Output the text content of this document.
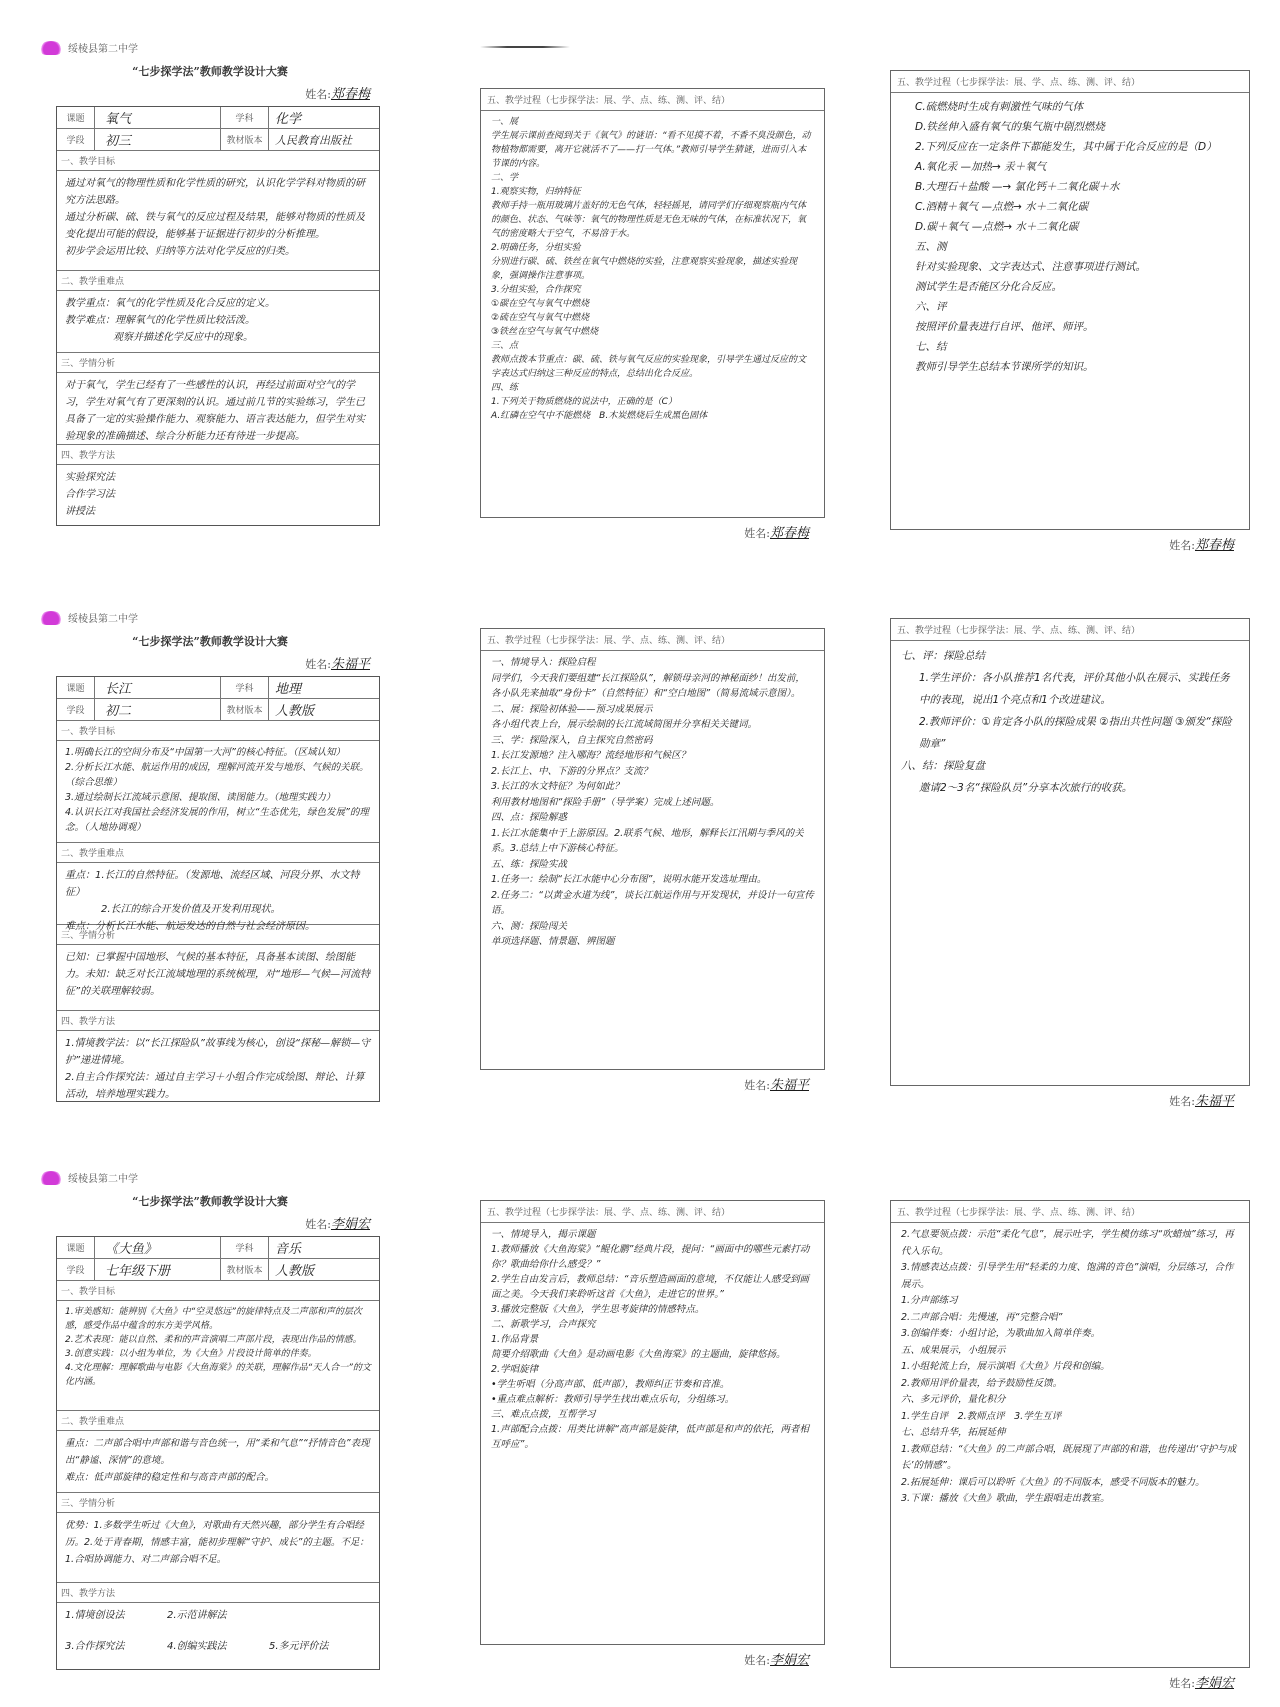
绥棱县第二中学
“七步探学法”教师教学设计大赛
姓名:郑春梅
课题	氧气	学科	化学
学段	初三	教材版本	人民教育出版社
一、教学目标

通过对氧气的物理性质和化学性质的研究，认识化学学科对物质的研究方法思路。

通过分析碳、硫、铁与氧气的反应过程及结果，能够对物质的性质及变化提出可能的假设，能够基于证据进行初步的分析推理。

初步学会运用比较、归纳等方法对化学反应的归类。

二、教学重难点

教学重点：氧气的化学性质及化合反应的定义。

教学难点：理解氧气的化学性质比较活泼。

观察并描述化学反应中的现象。

三、学情分析

对于氧气，学生已经有了一些感性的认识，再经过前面对空气的学习，学生对氧气有了更深刻的认识。通过前几节的实验练习，学生已具备了一定的实验操作能力、观察能力、语言表达能力，但学生对实验现象的准确描述、综合分析能力还有待进一步提高。

四、教学方法

实验探究法

合作学习法

讲授法

五、教学过程（七步探学法：展、学、点、练、测、评、结）

一、展

学生展示课前查阅到关于《氧气》的谜语：“看不见摸不着，不香不臭没颜色，动物植物都需要，离开它就活不了——打一气体。”教师引导学生猜谜，进而引入本节课的内容。

二、学

1.观察实物，归纳特征

教师手持一瓶用玻璃片盖好的无色气体，轻轻摇晃，请同学们仔细观察瓶内气体的颜色、状态、气味等：氧气的物理性质是无色无味的气体，在标准状况下，氧气的密度略大于空气，不易溶于水。

2.明确任务，分组实验

分别进行碳、硫、铁丝在氧气中燃烧的实验，注意观察实验现象，描述实验现象，强调操作注意事项。

3.分组实验，合作探究

①碳在空气与氧气中燃烧

②硫在空气与氧气中燃烧

③铁丝在空气与氧气中燃烧

三、点

教师点拨本节重点：碳、硫、铁与氧气反应的实验现象，引导学生通过反应的文字表达式归纳这三种反应的特点，总结出化合反应。

四、练

1.下列关于物质燃烧的说法中，正确的是（C）

A.红磷在空气中不能燃烧　B.木炭燃烧后生成黑色固体

姓名:郑春梅
五、教学过程（七步探学法：展、学、点、练、测、评、结）

C.硫燃烧时生成有刺激性气味的气体

D.铁丝伸入盛有氧气的集气瓶中剧烈燃烧

2.下列反应在一定条件下都能发生，其中属于化合反应的是（D）

A.氧化汞 —加热→ 汞＋氧气

B.大理石＋盐酸 —→ 氯化钙＋二氧化碳＋水

C.酒精＋氧气 —点燃→ 水＋二氧化碳

D.碳＋氧气 —点燃→ 水＋二氧化碳

五、测

针对实验现象、文字表达式、注意事项进行测试。

测试学生是否能区分化合反应。

六、评

按照评价量表进行自评、他评、师评。

七、结

教师引导学生总结本节课所学的知识。

姓名:郑春梅
绥棱县第二中学
“七步探学法”教师教学设计大赛
姓名:朱福平
课题	长江	学科	地理
学段	初二	教材版本 人教版
一、教学目标

1.明确长江的空间分布及“中国第一大河”的核心特征。（区域认知）

2.分析长江水能、航运作用的成因，理解河流开发与地形、气候的关联。（综合思维）

3.通过绘制长江流域示意图、提取图、读图能力。（地理实践力）

4.认识长江对我国社会经济发展的作用，树立“生态优先，绿色发展”的理念。（人地协调观）

二、教学重难点

重点：1.长江的自然特征。（发源地、流经区域、河段分界、水文特征）

2.长江的综合开发价值及开发利用现状。

难点：分析长江水能、航运发达的自然与社会经济原因。

三、学情分析

已知：已掌握中国地形、气候的基本特征，具备基本读图、绘图能力。未知：缺乏对长江流域地理的系统梳理，对“地形—气候—河流特征”的关联理解较弱。

四、教学方法

1.情境教学法：以“长江探险队”故事线为核心，创设“探秘—解锁—守护”递进情境。

2.自主合作探究法：通过自主学习＋小组合作完成绘图、辩论、计算活动，培养地理实践力。

五、教学过程（七步探学法：展、学、点、练、测、评、结）

一、情境导入：探险启程

同学们，今天我们要组建“长江探险队”，解锁母亲河的神秘面纱！出发前，各小队先来抽取“身份卡”（自然特征）和“空白地图”（简易流域示意图）。

二、展：探险初体验——预习成果展示

各小组代表上台，展示绘制的长江流域简图并分享相关关键词。

三、学：探险深入，自主探究自然密码

1.长江发源地？注入哪海？流经地形和气候区？

2.长江上、中、下游的分界点？支流？

3.长江的水文特征？为何如此？

利用教材地图和“探险手册”（导学案）完成上述问题。

四、点：探险解惑

1.长江水能集中于上游原因。2.联系气候、地形，解释长江汛期与季风的关系。3.总结上中下游核心特征。

五、练：探险实战

1.任务一：绘制“长江水能中心分布图”，说明水能开发选址理由。

2.任务二：“以黄金水道为线”，谈长江航运作用与开发现状，并设计一句宣传语。

六、测：探险闯关

单项选择题、情景题、辨图题

姓名:朱福平
五、教学过程（七步探学法：展、学、点、练、测、评、结）

七、评：探险总结

1.学生评价：各小队推荐1名代表，评价其他小队在展示、实践任务中的表现，说出1个亮点和1个改进建议。

2.教师评价：①肯定各小队的探险成果 ②指出共性问题 ③颁发“探险勋章”

八、结：探险复盘

邀请2～3名“探险队员”分享本次旅行的收获。

姓名:朱福平
绥棱县第二中学
“七步探学法”教师教学设计大赛
姓名:李娟宏
课题	《大鱼》	学科	音乐
学段	七年级下册	教材版本 人教版
一、教学目标

1.审美感知：能辨别《大鱼》中“空灵悠远”的旋律特点及二声部和声的层次感，感受作品中蕴含的东方美学风格。

2.艺术表现：能以自然、柔和的声音演唱二声部片段，表现出作品的情感。

3.创意实践：以小组为单位，为《大鱼》片段设计简单的伴奏。

4.文化理解：理解歌曲与电影《大鱼海棠》的关联，理解作品“天人合一”的文化内涵。

二、教学重难点

重点：二声部合唱中声部和谐与音色统一，用“柔和气息”“抒情音色”表现出“静谧、深情”的意境。

难点：低声部旋律的稳定性和与高音声部的配合。

三、学情分析

优势：1.多数学生听过《大鱼》，对歌曲有天然兴趣，部分学生有合唱经历。2.处于青春期，情感丰富，能初步理解“守护、成长”的主题。不足：1.合唱协调能力、对二声部合唱不足。

四、教学方法

1.情境创设法	2.示范讲解法

3.合作探究法	4.创编实践法	5.多元评价法

五、教学过程（七步探学法：展、学、点、练、测、评、结）

一、情境导入，揭示课题

1.教师播放《大鱼海棠》“鲲化鹏”经典片段，提问：“画面中的哪些元素打动你？歌曲给你什么感受？”

2.学生自由发言后，教师总结：“音乐塑造画面的意境，不仅能让人感受到画面之美。今天我们来聆听这首《大鱼》，走进它的世界。”

3.播放完整版《大鱼》，学生思考旋律的情感特点。

二、新歌学习，合声探究

1.作品背景

简要介绍歌曲《大鱼》是动画电影《大鱼海棠》的主题曲，旋律悠扬。

2.学唱旋律

•学生听唱（分高声部、低声部），教师纠正节奏和音准。

•重点难点解析：教师引导学生找出难点乐句，分组练习。

三、难点点拨，互帮学习

1.声部配合点拨：用类比讲解“高声部是旋律，低声部是和声的依托，两者相互呼应”。

姓名:李娟宏
五、教学过程（七步探学法：展、学、点、练、测、评、结）

2.气息要领点拨：示范“柔化气息”，展示吐字，学生模仿练习“吹蜡烛”练习，再代入乐句。

3.情感表达点拨：引导学生用“轻柔的力度、饱满的音色”演唱，分层练习，合作展示。

1.分声部练习

2.二声部合唱：先慢速，再“完整合唱”

3.创编伴奏：小组讨论，为歌曲加入简单伴奏。

五、成果展示，小组展示

1.小组轮流上台，展示演唱《大鱼》片段和创编。

2.教师用评价量表，给予鼓励性反馈。

六、多元评价，量化积分

1.学生自评　2.教师点评　3.学生互评

七、总结升华，拓展延伸

1.教师总结：“《大鱼》的二声部合唱，既展现了声部的和谐，也传递出‘守护与成长’的情感”。

2.拓展延伸：课后可以聆听《大鱼》的不同版本，感受不同版本的魅力。

3.下课：播放《大鱼》歌曲，学生跟唱走出教室。

姓名:李娟宏
